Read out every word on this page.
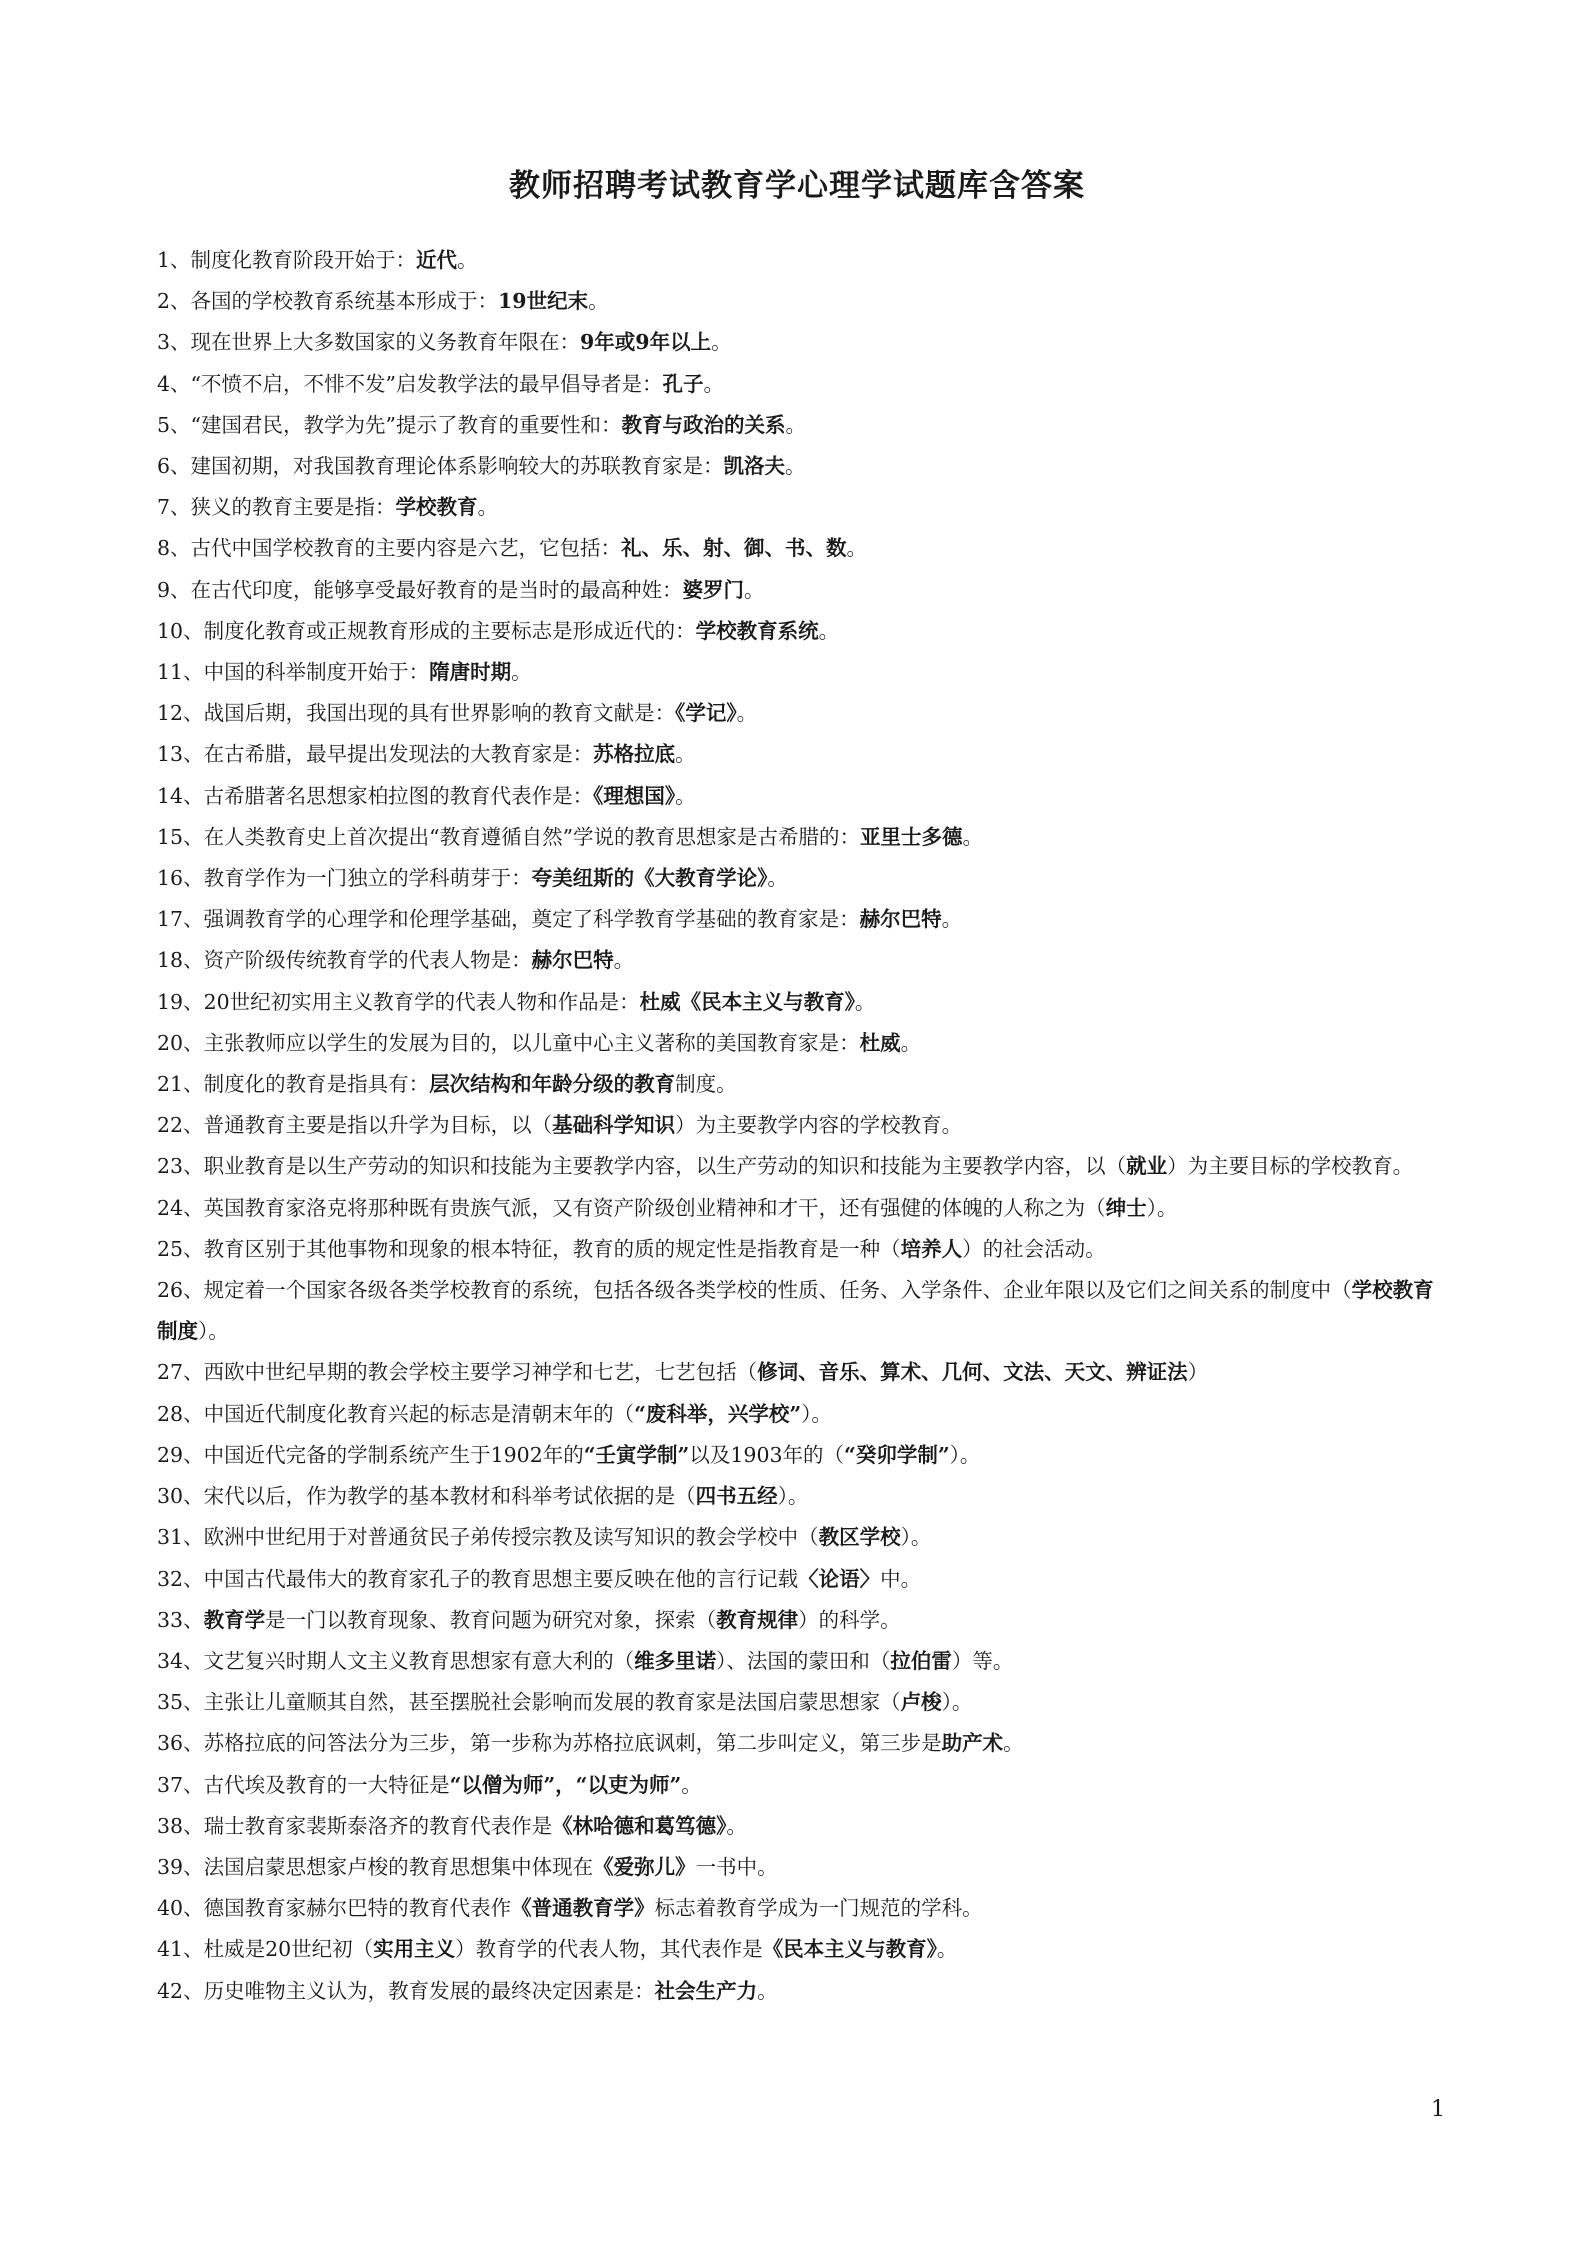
教师招聘考试教育学心理学试题库含答案
1、制度化教育阶段开始于：近代。
2、各国的学校教育系统基本形成于：19世纪末。
3、现在世界上大多数国家的义务教育年限在：9年或9年以上。
4、“不愤不启，不悱不发”启发教学法的最早倡导者是：孔子。
5、“建国君民，教学为先”提示了教育的重要性和：教育与政治的关系。
6、建国初期，对我国教育理论体系影响较大的苏联教育家是：凯洛夫。
7、狭义的教育主要是指：学校教育。
8、古代中国学校教育的主要内容是六艺，它包括：礼、乐、射、御、书、数。
9、在古代印度，能够享受最好教育的是当时的最高种姓：婆罗门。
10、制度化教育或正规教育形成的主要标志是形成近代的：学校教育系统。
11、中国的科举制度开始于：隋唐时期。
12、战国后期，我国出现的具有世界影响的教育文献是：《学记》。
13、在古希腊，最早提出发现法的大教育家是：苏格拉底。
14、古希腊著名思想家柏拉图的教育代表作是：《理想国》。
15、在人类教育史上首次提出“教育遵循自然”学说的教育思想家是古希腊的：亚里士多德。
16、教育学作为一门独立的学科萌芽于：夸美纽斯的《大教育学论》。
17、强调教育学的心理学和伦理学基础，奠定了科学教育学基础的教育家是：赫尔巴特。
18、资产阶级传统教育学的代表人物是：赫尔巴特。
19、20世纪初实用主义教育学的代表人物和作品是：杜威《民本主义与教育》。
20、主张教师应以学生的发展为目的，以儿童中心主义著称的美国教育家是：杜威。
21、制度化的教育是指具有：层次结构和年龄分级的教育制度。
22、普通教育主要是指以升学为目标，以（基础科学知识）为主要教学内容的学校教育。
23、职业教育是以生产劳动的知识和技能为主要教学内容，以生产劳动的知识和技能为主要教学内容，以（就业）为主要目标的学校教育。
24、英国教育家洛克将那种既有贵族气派，又有资产阶级创业精神和才干，还有强健的体魄的人称之为（绅士）。
25、教育区别于其他事物和现象的根本特征，教育的质的规定性是指教育是一种（培养人）的社会活动。
26、规定着一个国家各级各类学校教育的系统，包括各级各类学校的性质、任务、入学条件、企业年限以及它们之间关系的制度中（学校教育制度）。
27、西欧中世纪早期的教会学校主要学习神学和七艺，七艺包括（修词、音乐、算术、几何、文法、天文、辨证法）
28、中国近代制度化教育兴起的标志是清朝末年的（“废科举，兴学校”）。
29、中国近代完备的学制系统产生于1902年的“壬寅学制”以及1903年的（“癸卯学制”）。
30、宋代以后，作为教学的基本教材和科举考试依据的是（四书五经）。
31、欧洲中世纪用于对普通贫民子弟传授宗教及读写知识的教会学校中（教区学校）。
32、中国古代最伟大的教育家孔子的教育思想主要反映在他的言行记载〈论语〉中。
33、教育学是一门以教育现象、教育问题为研究对象，探索（教育规律）的科学。
34、文艺复兴时期人文主义教育思想家有意大利的（维多里诺）、法国的蒙田和（拉伯雷）等。
35、主张让儿童顺其自然，甚至摆脱社会影响而发展的教育家是法国启蒙思想家（卢梭）。
36、苏格拉底的问答法分为三步，第一步称为苏格拉底讽刺，第二步叫定义，第三步是助产术。
37、古代埃及教育的一大特征是“以僧为师”，“以吏为师”。
38、瑞士教育家裴斯泰洛齐的教育代表作是《林哈德和葛笃德》。
39、法国启蒙思想家卢梭的教育思想集中体现在《爱弥儿》一书中。
40、德国教育家赫尔巴特的教育代表作《普通教育学》标志着教育学成为一门规范的学科。
41、杜威是20世纪初（实用主义）教育学的代表人物，其代表作是《民本主义与教育》。
42、历史唯物主义认为，教育发展的最终决定因素是：社会生产力。
1
